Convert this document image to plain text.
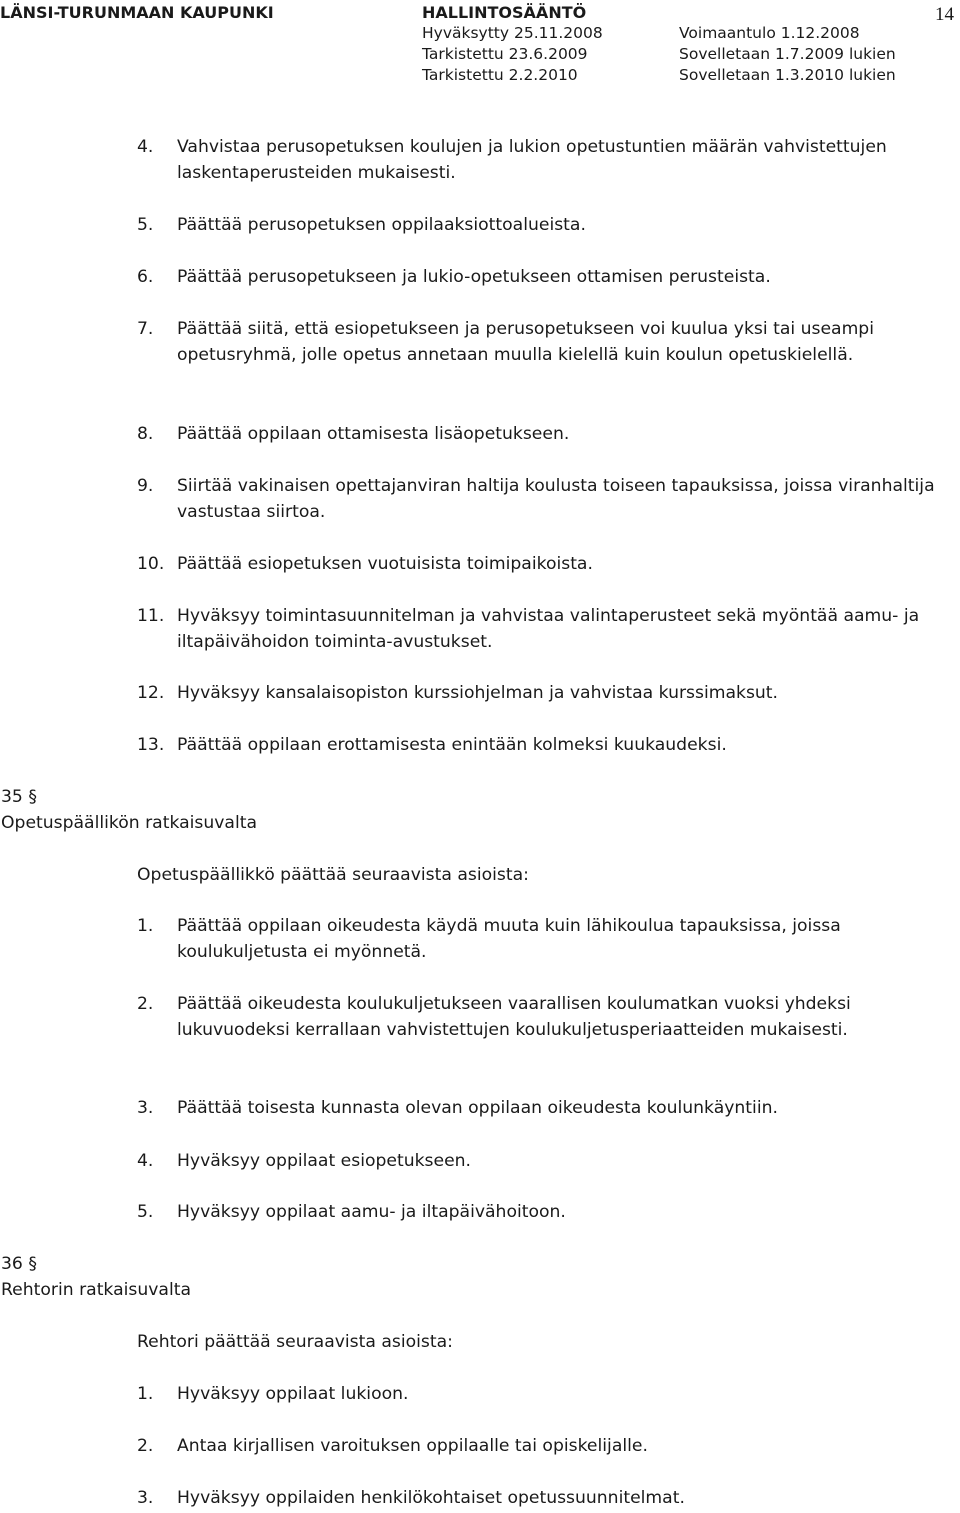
LÄNSI-TURUNMAAN KAUPUNKI	HALLINTOSÄÄNTÖ
Hyväksytty 25.11.2008
Tarkistettu 23.6.2009
Tarkistettu 2.2.2010
Voimaantulo 1.12.2008
Sovelletaan 1.7.2009 lukien
Sovelletaan 1.3.2010 lukien
14
4.	Vahvistaa perusopetuksen koulujen ja lukion opetustuntien määrän vahvistettujen laskentaperusteiden mukaisesti.
5.	Päättää perusopetuksen oppilaaksiottoalueista.
6.	Päättää perusopetukseen ja lukio-opetukseen ottamisen perusteista.
7.	Päättää siitä, että esiopetukseen ja perusopetukseen voi kuulua yksi tai useampi opetusryhmä, jolle opetus annetaan muulla kielellä kuin koulun opetuskielellä.
8.	Päättää oppilaan ottamisesta lisäopetukseen.
9.	Siirtää vakinaisen opettajanviran haltija koulusta toiseen tapauksissa, joissa viranhaltija vastustaa siirtoa.
10. Päättää esiopetuksen vuotuisista toimipaikoista.
11. Hyväksyy toimintasuunnitelman ja vahvistaa valintaperusteet sekä myöntää aamu- ja iltapäivähoidon toiminta-avustukset.
12. Hyväksyy kansalaisopiston kurssiohjelman ja vahvistaa kurssimaksut.
13. Päättää oppilaan erottamisesta enintään kolmeksi kuukaudeksi.
35 §
Opetuspäällikön ratkaisuvalta
Opetuspäällikkö päättää seuraavista asioista:
1.	Päättää oppilaan oikeudesta käydä muuta kuin lähikoulua tapauksissa, joissa koulukuljetusta ei myönnetä.
2.	Päättää oikeudesta koulukuljetukseen vaarallisen koulumatkan vuoksi yhdeksi lukuvuodeksi kerrallaan vahvistettujen koulukuljetusperiaatteiden mukaisesti.
3.	Päättää toisesta kunnasta olevan oppilaan oikeudesta koulunkäyntiin.
4.	Hyväksyy oppilaat esiopetukseen.
5.	Hyväksyy oppilaat aamu- ja iltapäivähoitoon.
36 §
Rehtorin ratkaisuvalta
Rehtori päättää seuraavista asioista:
1.	Hyväksyy oppilaat lukioon.
2.	Antaa kirjallisen varoituksen oppilaalle tai opiskelijalle.
3.	Hyväksyy oppilaiden henkilökohtaiset opetussuunnitelmat.
